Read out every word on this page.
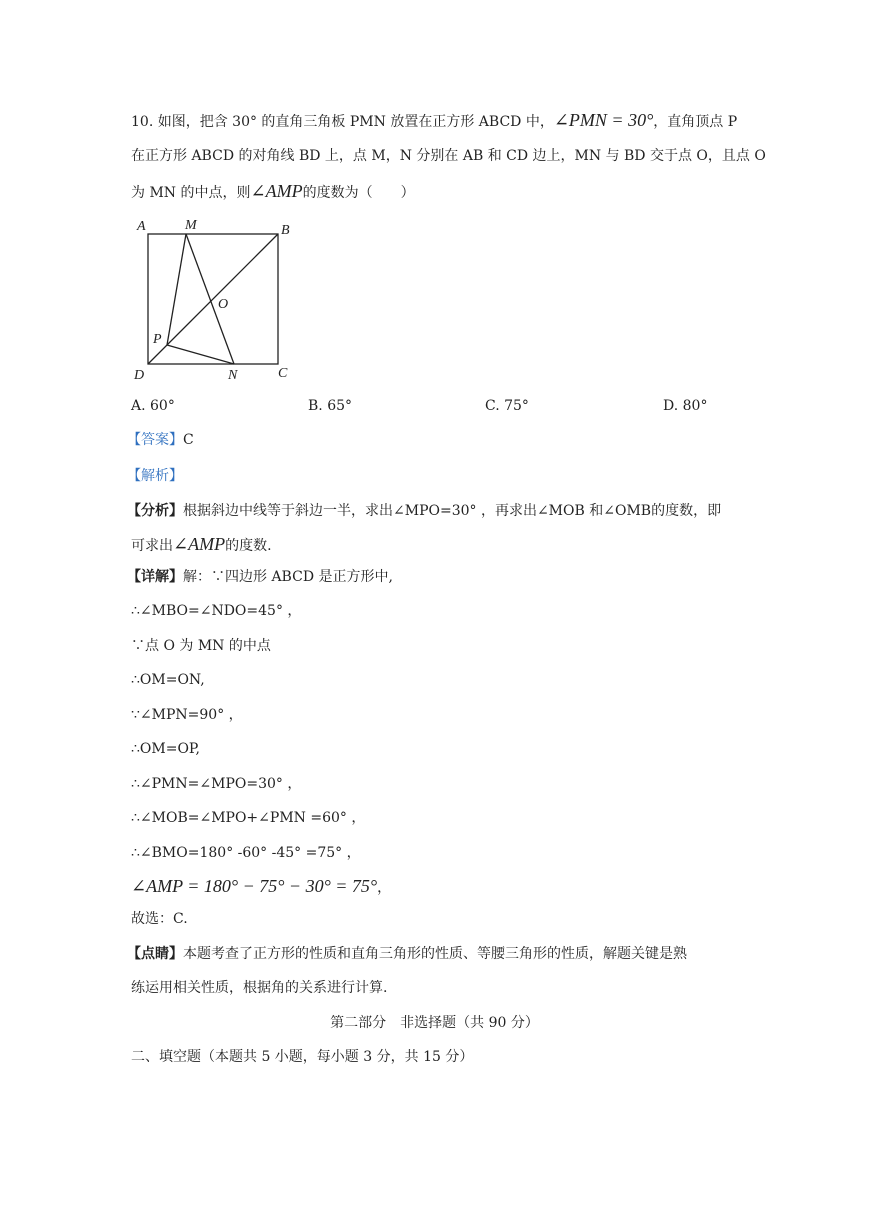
10. 如图，把含 30° 的直角三角板 PMN 放置在正方形 ABCD 中，∠PMN = 30°，直角顶点 P
在正方形 ABCD 的对角线 BD 上，点 M，N 分别在 AB 和 CD 边上，MN 与 BD 交于点 O，且点 O
为 MN 的中点，则∠AMP的度数为（　　）
A	M	B
O
P
D	N	C
A. 60°	B. 65°	C. 75°	D. 80°
【答案】C
【解析】
【分析】根据斜边中线等于斜边一半，求出∠MPO=30° ，再求出∠MOB 和∠OMB的度数，即
可求出∠AMP的度数.
【详解】解：∵四边形 ABCD 是正方形中,
∴∠MBO=∠NDO=45° ，
∵点 O 为 MN 的中点
∴OM=ON,
∵∠MPN=90° ，
∴OM=OP,
∴∠PMN=∠MPO=30° ，
∴∠MOB=∠MPO+∠PMN =60° ，
∴∠BMO=180° -60° -45° =75° ，
∠AMP = 180° − 75° − 30° = 75°，
故选：C.
【点睛】本题考查了正方形的性质和直角三角形的性质、等腰三角形的性质，解题关键是熟
练运用相关性质，根据角的关系进行计算.
第二部分　非选择题（共 90 分）
二、填空题（本题共 5 小题，每小题 3 分，共 15 分）
